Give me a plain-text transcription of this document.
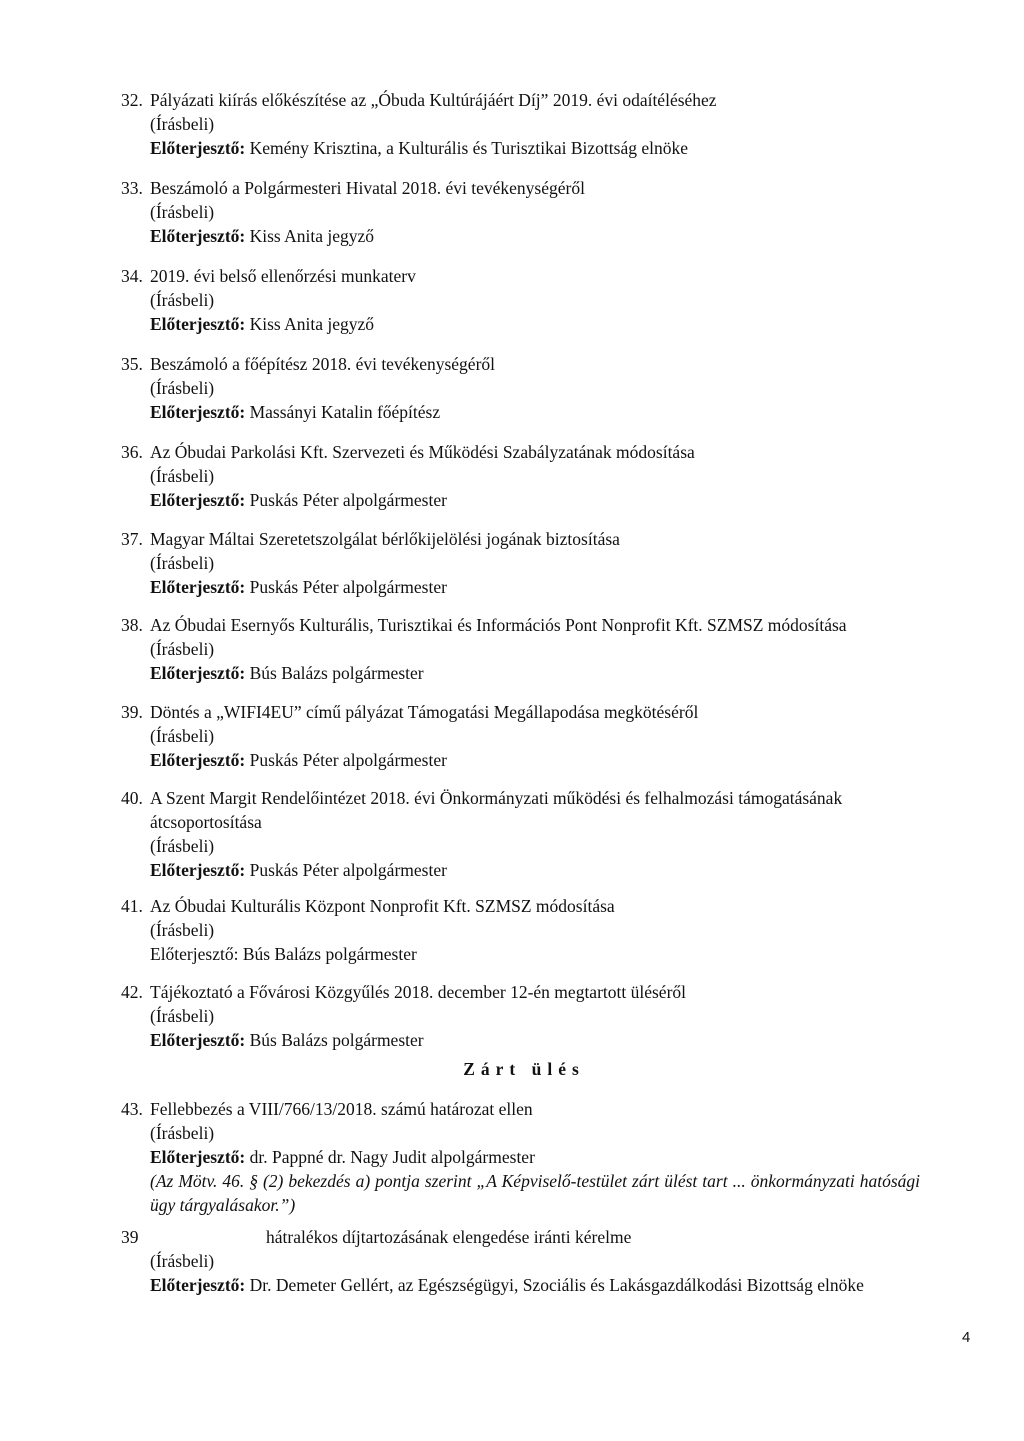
32. Pályázati kiírás előkészítése az „Óbuda Kultúrájáért Díj” 2019. évi odaítéléséhez
(Írásbeli)
Előterjesztő: Kemény Krisztina, a Kulturális és Turisztikai Bizottság elnöke
33. Beszámoló a Polgármesteri Hivatal 2018. évi tevékenységéről
(Írásbeli)
Előterjesztő: Kiss Anita jegyző
34. 2019. évi belső ellenőrzési munkaterv
(Írásbeli)
Előterjesztő: Kiss Anita jegyző
35. Beszámoló a főépítész 2018. évi tevékenységéről
(Írásbeli)
Előterjesztő: Massányi Katalin főépítész
36. Az Óbudai Parkolási Kft. Szervezeti és Működési Szabályzatának módosítása
(Írásbeli)
Előterjesztő: Puskás Péter alpolgármester
37. Magyar Máltai Szeretetszolgálat bérlőkijelölési jogának biztosítása
(Írásbeli)
Előterjesztő: Puskás Péter alpolgármester
38. Az Óbudai Esernyős Kulturális, Turisztikai és Információs Pont Nonprofit Kft. SZMSZ módosítása
(Írásbeli)
Előterjesztő: Bús Balázs polgármester
39. Döntés a „WIFI4EU” című pályázat Támogatási Megállapodása megkötéséről
(Írásbeli)
Előterjesztő: Puskás Péter alpolgármester
40. A Szent Margit Rendelőintézet 2018. évi Önkormányzati működési és felhalmozási támogatásának
átcsoportosítása
(Írásbeli)
Előterjesztő: Puskás Péter alpolgármester
41. Az Óbudai Kulturális Központ Nonprofit Kft. SZMSZ módosítása
(Írásbeli)
Előterjesztő: Bús Balázs polgármester
42. Tájékoztató a Fővárosi Közgyűlés 2018. december 12-én megtartott üléséről
(Írásbeli)
Előterjesztő: Bús Balázs polgármester
Zárt ülés
43. Fellebbezés a VIII/766/13/2018. számú határozat ellen
(Írásbeli)
Előterjesztő: dr. Pappné dr. Nagy Judit alpolgármester
(Az Mötv. 46. § (2) bekezdés a) pontja szerint „A Képviselő-testület zárt ülést tart ... önkormányzati hatósági ügy tárgyalásakor.”)
39	hátralékos díjtartozásának elengedése iránti kérelme
(Írásbeli)
Előterjesztő: Dr. Demeter Gellért, az Egészségügyi, Szociális és Lakásgazdálkodási Bizottság elnöke
4
